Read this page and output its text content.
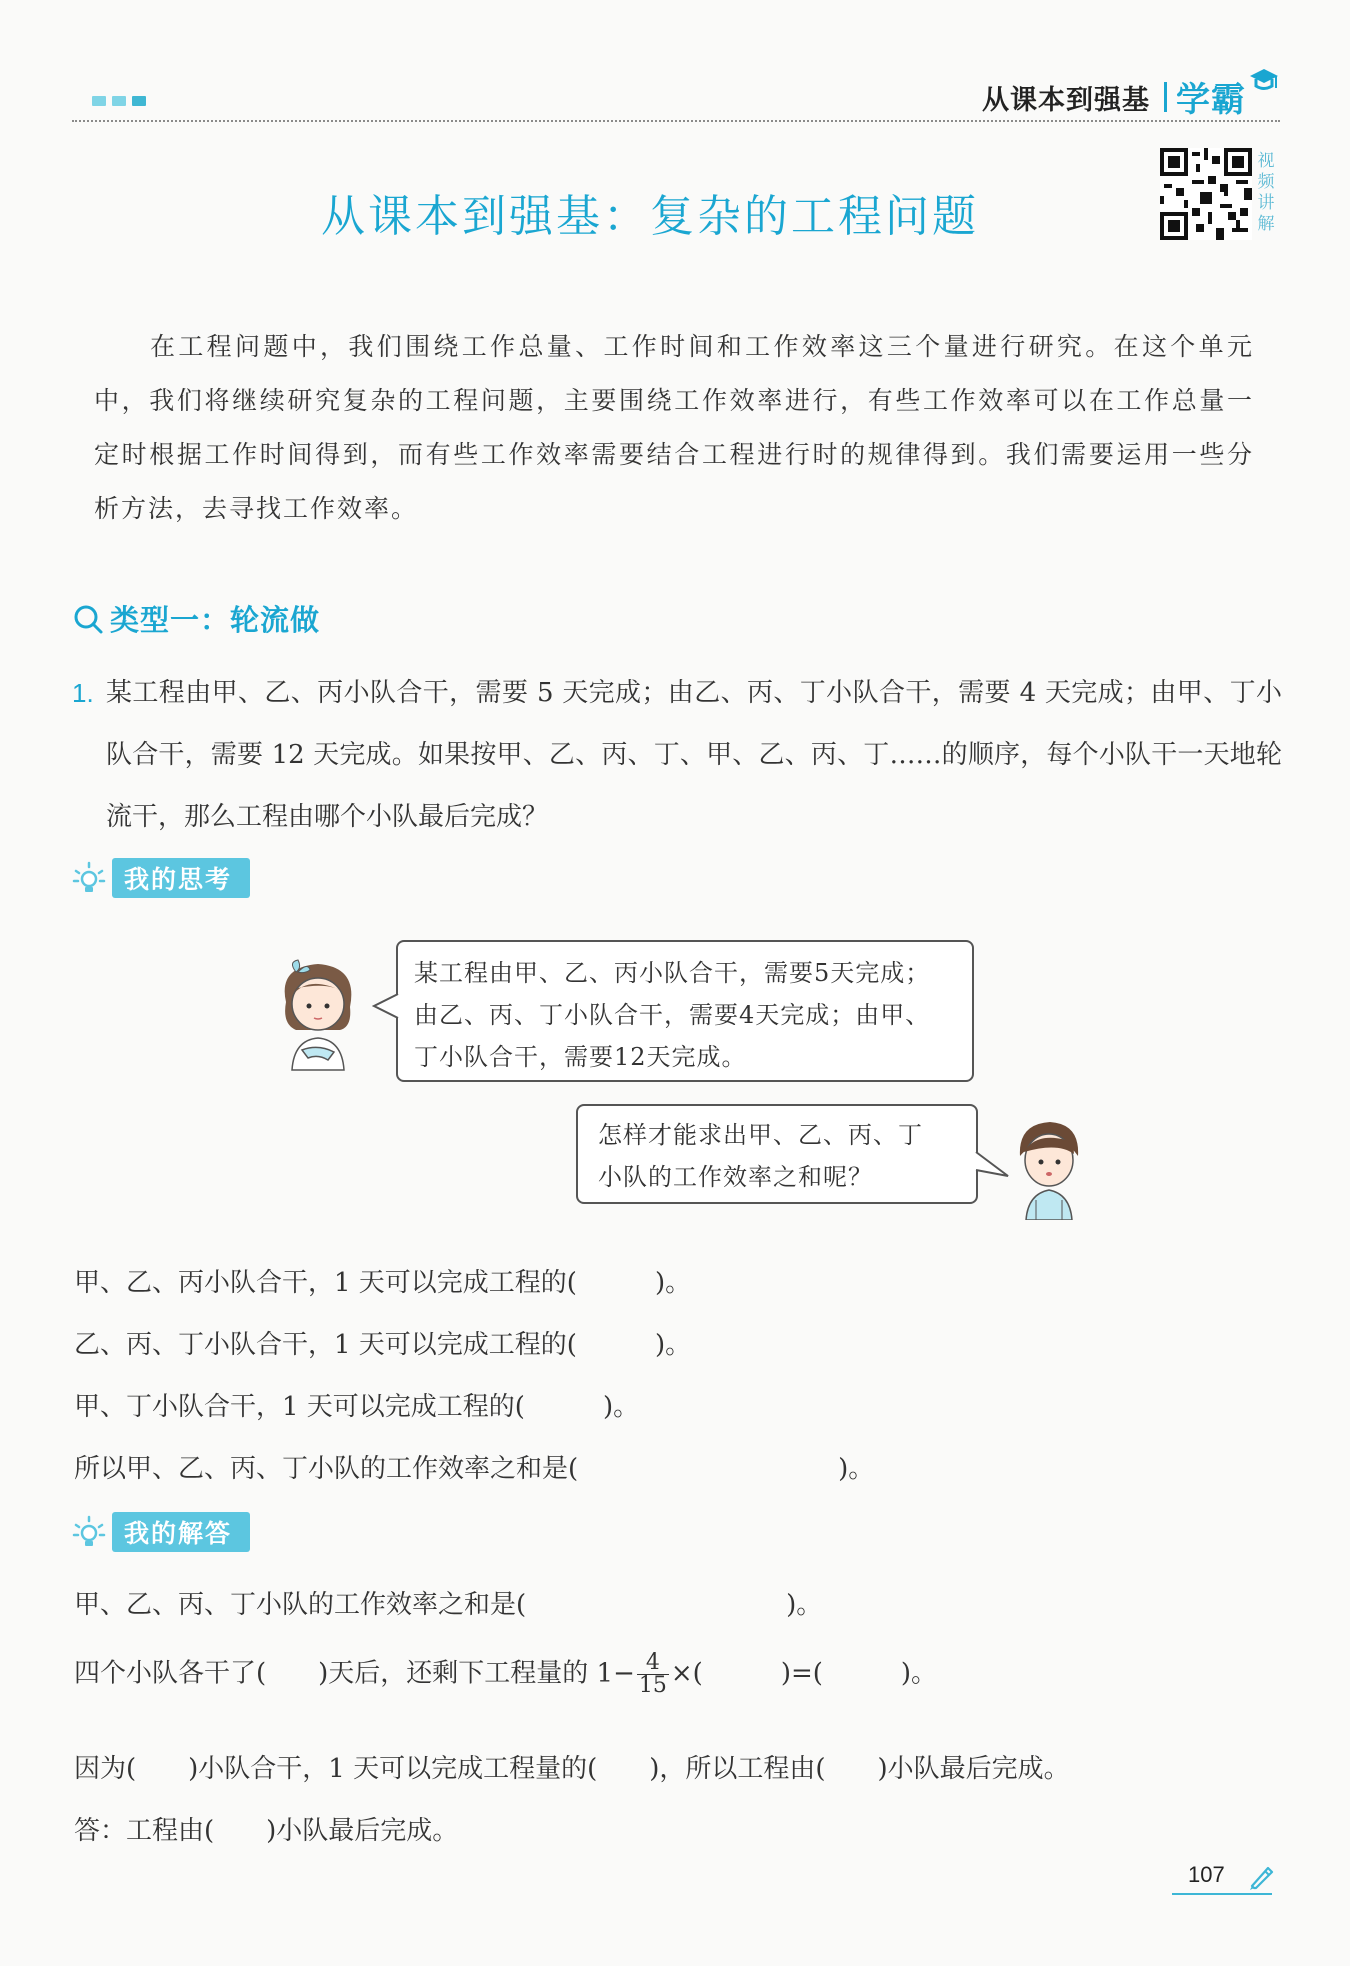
从课本到强基 学霸
从课本到强基：复杂的工程问题
视频讲解
在工程问题中，我们围绕工作总量、工作时间和工作效率这三个量进行研究。在这个单元中，我们将继续研究复杂的工程问题，主要围绕工作效率进行，有些工作效率可以在工作总量一定时根据工作时间得到，而有些工作效率需要结合工程进行时的规律得到。我们需要运用一些分析方法，去寻找工作效率。
类型一：轮流做
1. 某工程由甲、乙、丙小队合干，需要 5 天完成；由乙、丙、丁小队合干，需要 4 天完成；由甲、丁小队合干，需要 12 天完成。如果按甲、乙、丙、丁、甲、乙、丙、丁……的顺序，每个小队干一天地轮流干，那么工程由哪个小队最后完成？
我的思考
某工程由甲、乙、丙小队合干，需要5天完成；
由乙、丙、丁小队合干，需要4天完成；由甲、
丁小队合干，需要12天完成。
怎样才能求出甲、乙、丙、丁
小队的工作效率之和呢？
甲、乙、丙小队合干，1 天可以完成工程的(　　　)。
乙、丙、丁小队合干，1 天可以完成工程的(　　　)。
甲、丁小队合干，1 天可以完成工程的(　　　)。
所以甲、乙、丙、丁小队的工作效率之和是(　　　　　　　　　　)。
我的解答
甲、乙、丙、丁小队的工作效率之和是(　　　　　　　　　　)。
四个小队各干了(　　)天后，还剩下工程量的 $1- \frac{4}{15}$ ×(　　　)=(　　　)。
因为(　　)小队合干，1 天可以完成工程量的(　　)，所以工程由(　　)小队最后完成。
答：工程由(　　)小队最后完成。
107
